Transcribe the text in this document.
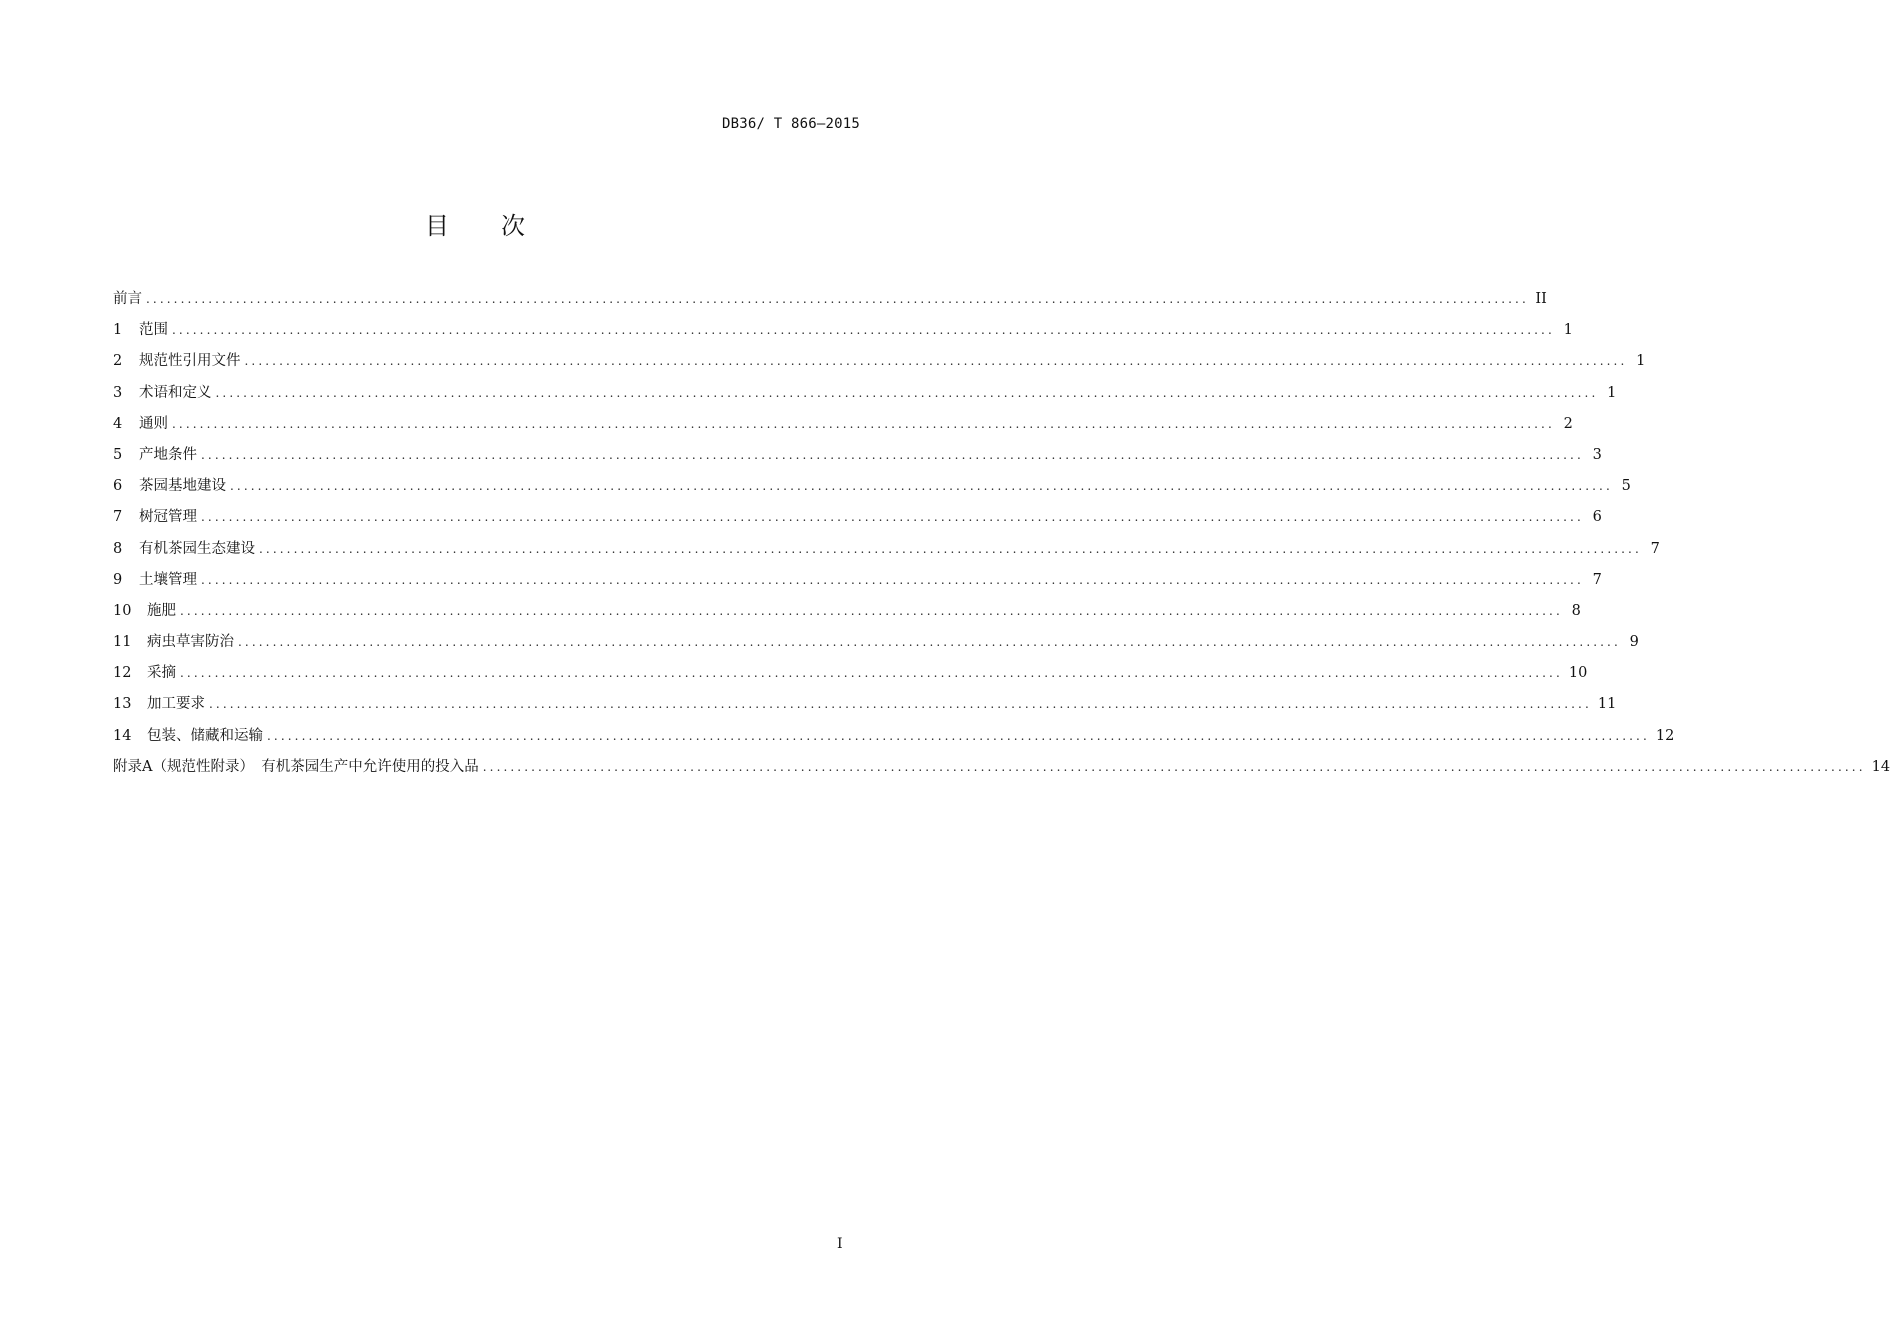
DB36/ T 866—2015
目 次
前言 ........................................................................................................................................................................................................ II
1	范围 ........................................................................................................................................................................................................ 1
2	规范性引用文件 ........................................................................................................................................................................................................ 1
3	术语和定义 ........................................................................................................................................................................................................ 1
4	通则 ........................................................................................................................................................................................................ 2
5	产地条件 ........................................................................................................................................................................................................ 3
6	茶园基地建设 ........................................................................................................................................................................................................ 5
7	树冠管理 ........................................................................................................................................................................................................ 6
8	有机茶园生态建设 ........................................................................................................................................................................................................ 7
9	土壤管理 ........................................................................................................................................................................................................ 7
10	施肥 ........................................................................................................................................................................................................ 8
11	病虫草害防治 ........................................................................................................................................................................................................ 9
12	采摘 ........................................................................................................................................................................................................ 10
13	加工要求 ........................................................................................................................................................................................................ 11
14	包装、储藏和运输 ........................................................................................................................................................................................................ 12
附录A（规范性附录）　有机茶园生产中允许使用的投入品 ........................................................................................................................................................................................................ 14
I
